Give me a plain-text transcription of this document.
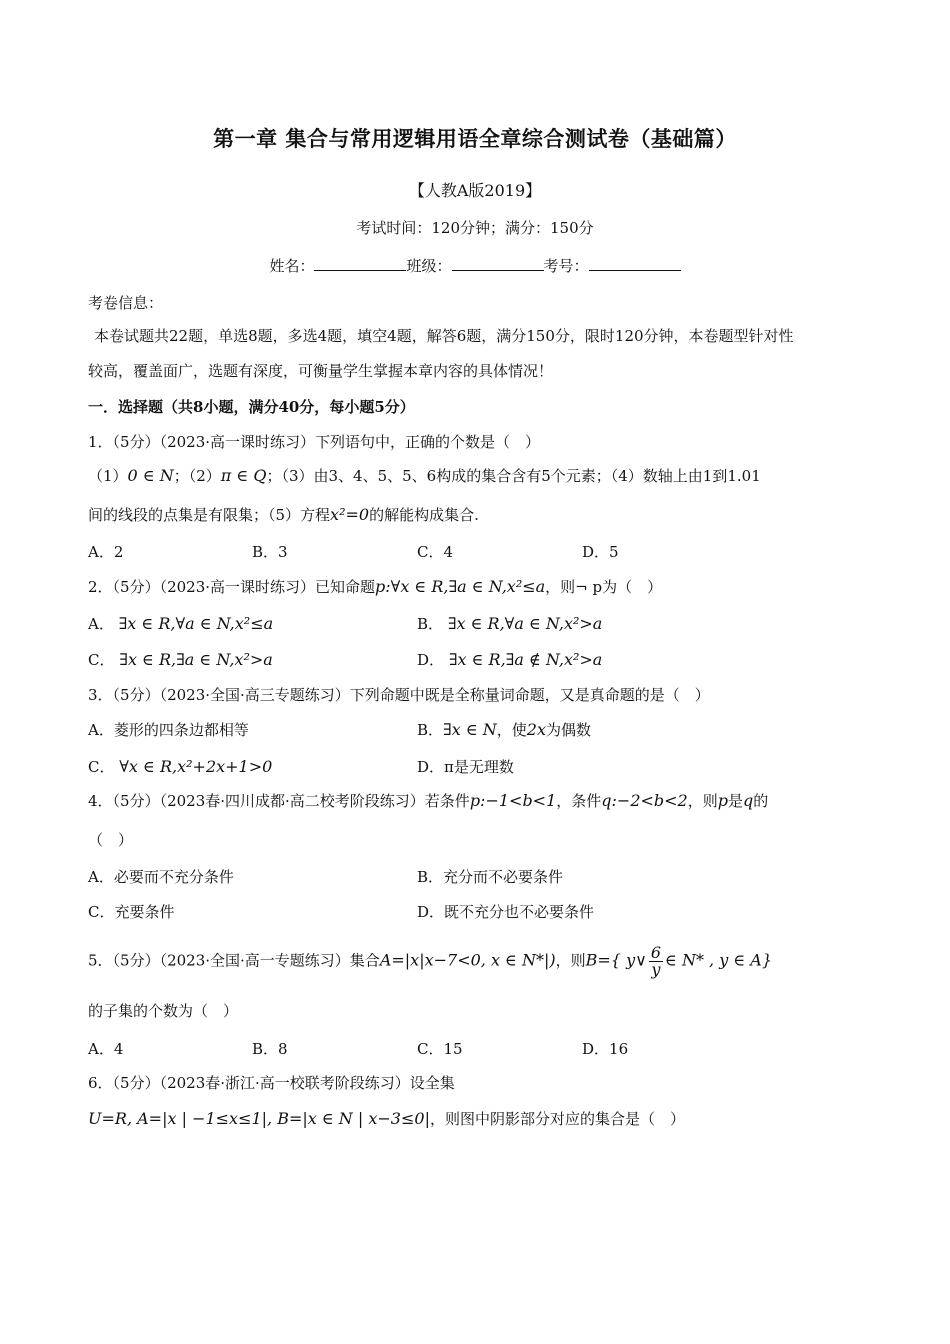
第一章 集合与常用逻辑用语全章综合测试卷（基础篇）
【人教A版2019】
考试时间：120分钟；满分：150分
姓名：	班级：	考号：
考卷信息：
本卷试题共22题，单选8题，多选4题，填空4题，解答6题，满分150分，限时120分钟，本卷题型针对性
较高，覆盖面广，选题有深度，可衡量学生掌握本章内容的具体情况！
一．选择题（共8小题，满分40分，每小题5分）
1．（5分）（2023·高一课时练习）下列语句中，正确的个数是（　）
（1）0 ∈ N；（2）π ∈ Q；（3）由3、4、5、5、6构成的集合含有5个元素；（4）数轴上由1到1.01
间的线段的点集是有限集；（5）方程x²=0的解能构成集合.
A．2	B．3	C．4	D．5
2．（5分）（2023·高一课时练习）已知命题p:∀x ∈ R,∃a ∈ N,x²≤a，则¬ p为（　）
A． ∃x ∈ R,∀a ∈ N,x²≤a	B． ∃x ∈ R,∀a ∈ N,x²>a
C． ∃x ∈ R,∃a ∈ N,x²>a	D． ∃x ∈ R,∃a ∉ N,x²>a
3．（5分）（2023·全国·高三专题练习）下列命题中既是全称量词命题，又是真命题的是（　）
A．菱形的四条边都相等	B．∃x ∈ N，使2x为偶数
C． ∀x ∈ R,x²+2x+1>0	D．π是无理数
4．（5分）（2023春·四川成都·高二校考阶段练习）若条件p:−1<b<1，条件q:−2<b<2，则p是q的
（　）
A．必要而不充分条件	B．充分而不必要条件
C．充要条件	D．既不充分也不必要条件
5．（5分）（2023·全国·高一专题练习）集合A=|x|x−7<0, x ∈ N*|)，则B={ y∨ $\frac{6}{y}$ ∈ N* , y ∈ A}
的子集的个数为（　）
A．4	B．8	C．15	D．16
6．（5分）（2023春·浙江·高一校联考阶段练习）设全集
U=R, A=|x | −1≤x≤1|, B=|x ∈ N | x−3≤0|，则图中阴影部分对应的集合是（　）
